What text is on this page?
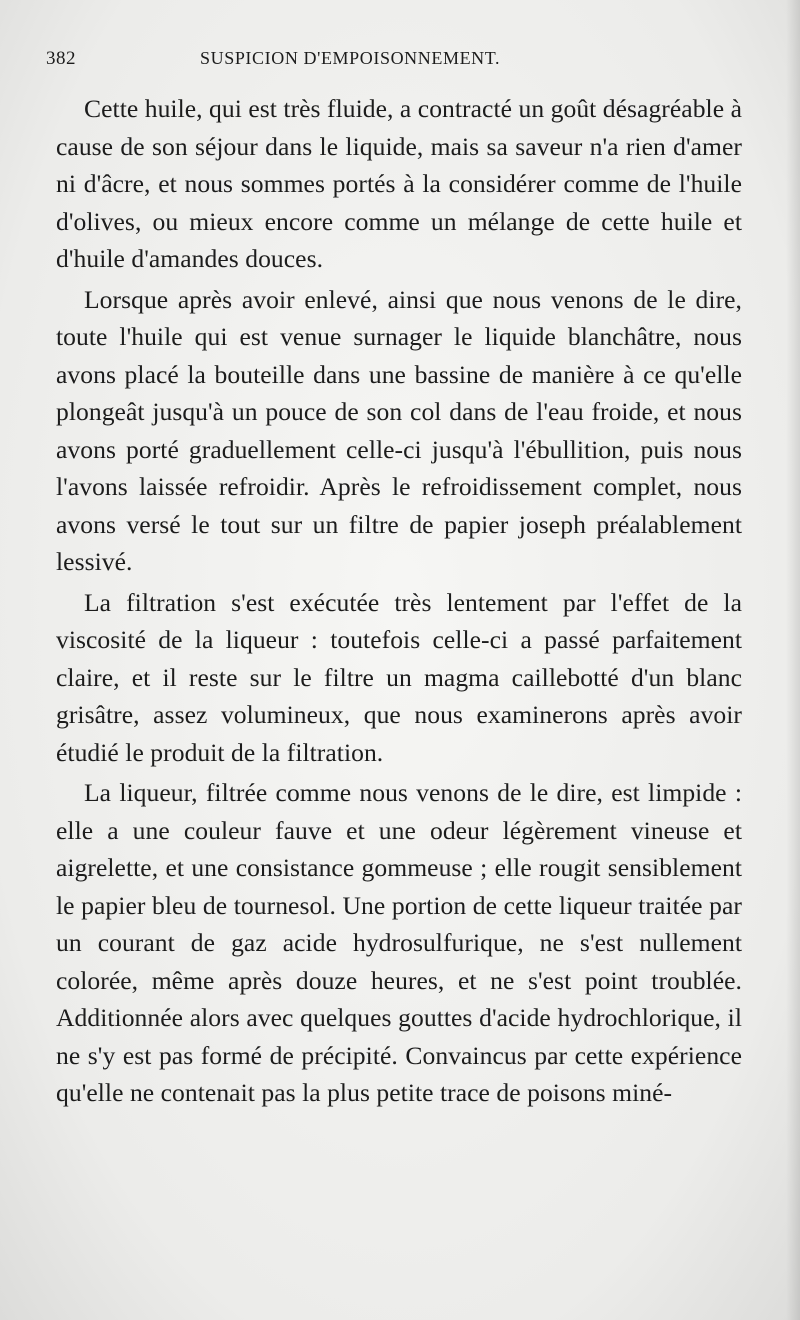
382	SUSPICION D'EMPOISONNEMENT.

Cette huile, qui est très fluide, a contracté un goût désagréable à cause de son séjour dans le liquide, mais sa saveur n'a rien d'amer ni d'âcre, et nous sommes portés à la considérer comme de l'huile d'olives, ou mieux encore comme un mélange de cette huile et d'huile d'amandes douces.

Lorsque après avoir enlevé, ainsi que nous venons de le dire, toute l'huile qui est venue surnager le liquide blanchâtre, nous avons placé la bouteille dans une bassine de manière à ce qu'elle plongeât jusqu'à un pouce de son col dans de l'eau froide, et nous avons porté graduellement celle-ci jusqu'à l'ébullition, puis nous l'avons laissée refroidir. Après le refroidissement complet, nous avons versé le tout sur un filtre de papier joseph préalablement lessivé.

La filtration s'est exécutée très lentement par l'effet de la viscosité de la liqueur : toutefois celle-ci a passé parfaitement claire, et il reste sur le filtre un magma caillebotté d'un blanc grisâtre, assez volumineux, que nous examinerons après avoir étudié le produit de la filtration.

La liqueur, filtrée comme nous venons de le dire, est limpide : elle a une couleur fauve et une odeur légèrement vineuse et aigrelette, et une consistance gommeuse ; elle rougit sensiblement le papier bleu de tournesol. Une portion de cette liqueur traitée par un courant de gaz acide hydrosulfurique, ne s'est nullement colorée, même après douze heures, et ne s'est point troublée. Additionnée alors avec quelques gouttes d'acide hydrochlorique, il ne s'y est pas formé de précipité. Convaincus par cette expérience qu'elle ne contenait pas la plus petite trace de poisons miné-
